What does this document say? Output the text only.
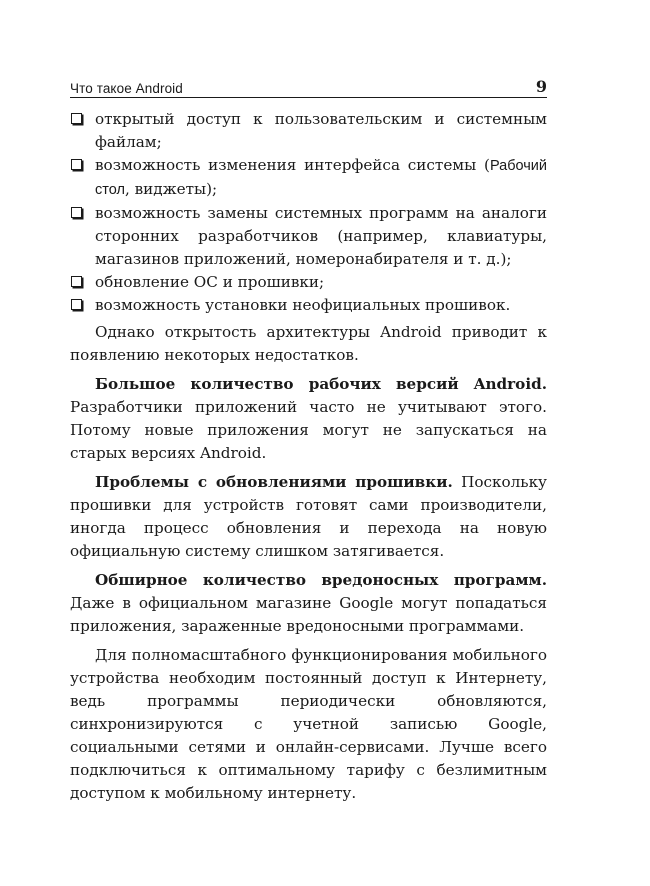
Что такое Android	9
открытый доступ к пользовательским и системным файлам;
возможность изменения интерфейса системы (Рабочий стол, виджеты);
возможность замены системных программ на аналоги сторонних разработчиков (например, клавиатуры, магазинов приложений, номеронабирателя и т. д.);
обновление ОС и прошивки;
возможность установки неофициальных прошивок.

Однако открытость архитектуры Android приводит к появлению некоторых недостатков.

Большое количество рабочих версий Android. Разработчики приложений часто не учитывают этого. Потому новые приложения могут не запускаться на старых версиях Android.

Проблемы с обновлениями прошивки. Поскольку прошивки для устройств готовят сами производители, иногда процесс обновления и перехода на новую официальную систему слишком затягивается.

Обширное количество вредоносных программ. Даже в официальном магазине Google могут попадаться приложения, зараженные вредоносными программами.

Для полномасштабного функционирования мобильного устройства необходим постоянный доступ к Интернету, ведь программы периодически обновляются, синхронизируются с учетной записью Google, социальными сетями и онлайн-сервисами. Лучше всего подключиться к оптимальному тарифу с безлимитным доступом к мобильному интернету.
